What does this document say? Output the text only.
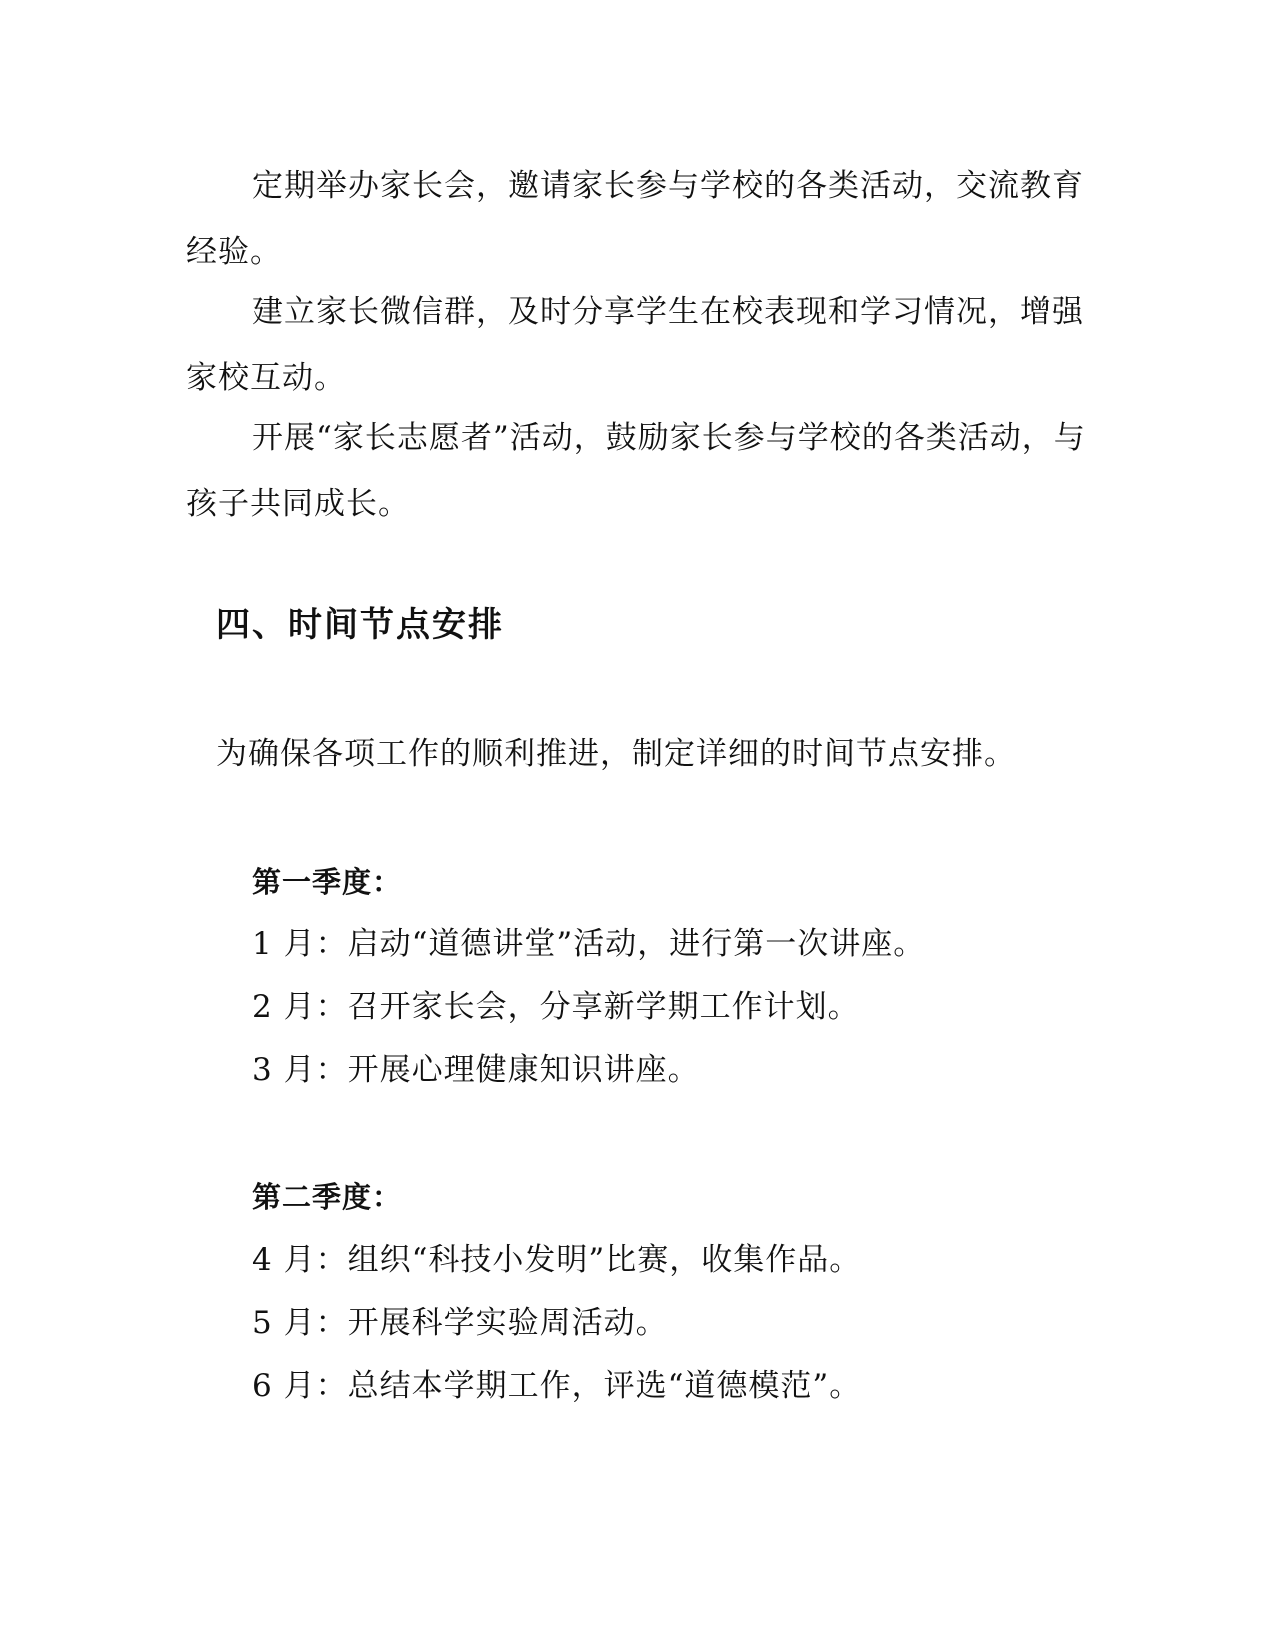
定期举办家长会，邀请家长参与学校的各类活动，交流教育经验。

建立家长微信群，及时分享学生在校表现和学习情况，增强家校互动。

开展“家长志愿者”活动，鼓励家长参与学校的各类活动，与孩子共同成长。

四、时间节点安排

为确保各项工作的顺利推进，制定详细的时间节点安排。

第一季度：

1 月：启动“道德讲堂”活动，进行第一次讲座。

2 月：召开家长会，分享新学期工作计划。

3 月：开展心理健康知识讲座。

第二季度：

4 月：组织“科技小发明”比赛，收集作品。

5 月：开展科学实验周活动。

6 月：总结本学期工作，评选“道德模范”。
